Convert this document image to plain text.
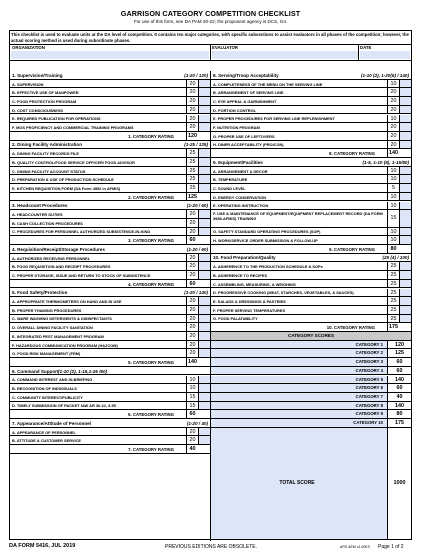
GARRISON CATEGORY COMPETITION CHECKLIST
For use of this form, see DA PAM 30-22; the proponent agency is DCS, G4.
This checklist is used to evaluate units at the DA level of competition. It contains ten major categories, with specific subsections to assist evaluators in all phases of the competition; however, the actual scoring method is used during subordinate phases.
ORGANIZATION	EVALUATOR	DATE
1. Supervision/Training	(1-20 / 120)
A. SUPERVISION	20
B. EFFECTIVE USE OF MANPOWER	20
C. FOOD PROTECTION PROGRAM	20
D. COST CONSCIOUSNESS	20
E. REQUIRED PUBLICATION FOR OPERATIONS	20
F. MOS PROFICIENCY AND COMMERCIAL TRAINING PROGRAMS	20
1. CATEGORY RATING	120
2. Dining Facility Administration	(1-25 / 125)
A. DINING FACILITY RECORDS FILE	25
B. QUALITY CONTROL/FOOD SERVICE OFFICER/ FOOD ADVISOR	25
C. DINING FACILITY ACCOUNT STATUS	25
D. PREPARATION & USE OF PRODUCTION SCHEDULE	25
E. KITCHEN REQUISITION FORM (DA Form 4552 in AFMIS)	25
2. CATEGORY RATING	125
3. Headcount Procedures	(1-20 / 60)
A. HEADCOUNTER DUTIES	20
B. CASH COLLECTION PROCEDURES	20
C. PROCEDURES FOR PERSONNEL AUTHORIZED SUBSISTENCE-IN-KIND	20
3. CATEGORY RATING	60
4. Requisition/Receipt/Storage Procedures	(1-20 / 60)
A. AUTHORIZED RECEIVING PERSONNEL	20
B. FOOD REQUISITION AND RECEIPT PROCEDURES	20
C. PROPER STORAGE, ISSUE AND RETURN TO STOCK OF SUBSISTENCE	20
4. CATEGORY RATING	60
5. Food Safety/Protection	(1-20 / 140)
A. APPROPRIATE THERMOMETERS ON HAND AND IN USE	20
B. PROPER THAWING PROCEDURES	20
C. WARE WASHING DETERGENTS & DISINFECTANTS	20
D. OVERALL DINING FACILITY SANITATION	20
E. INTEGRATED PEST MANAGEMENT PROGRAM	20
F. HAZARDOUS COMMUNICATION PROGRAM (HAZCOM)	20
G. FOOD RISK MANAGEMENT (FRM)	20
5. CATEGORY RATING	140
6. Command Support (1-10 (2), 1-15,1-25 /60)
A. COMMAND INTEREST AND IN-BRIEFING	10
B. RECOGNITION OF INDIVIDUALS	10
C. COMMUNITY INTEREST/PUBLICITY	15
D. TIMELY SUBMISSION OF PACKET IAW AR 30-22, 3-55	15
6. CATEGORY RATING	60
7. Appearance/Attitude of Personnel	(1-20 / 40)
A. APPEARANCE OF PERSONNEL	20
B. ATTITUDE & CUSTOMER SERVICE	20
7. CATEGORY RATING	40
8. Serving/Troop Acceptability	(1-10 (2), 1-20(6) / 140)
A. COMPLETENESS OF THE MENU ON THE SERVING LINE	10
B. ARRANGEMENT OF SERVING LINE	20
C. EYE APPEAL & GARNISHMENT	20
D. PORTION CONTROL	20
E. PROPER PROCEDURES FOR SERVING LINE REPLENISHMENT	10
F. NUTRITION PROGRAM	20
G. PROPER USE OF LEFTOVERS	20
H. DINER ACCEPTABILITY (PROICON)	20
8. CATEGORY RATING	140
9. Equipment/Facilities	(1-5, 1-10 (6), 1-15/80)
A. ARRANGEMENT & DECOR	10
B. TEMPERATURE	10
C. SOUND LEVEL	5
D. ENERGY CONSERVATION	10
E. OPERATING INSTRUCTION	10
F. USE & MAINTENANCE OF EQUIPMENT/EQUIPMENT REPLACEMENT RECORD (DA FORM 3988-AFMIS) TRAINING	15
G. SAFETY STANDARD OPERATING PROCEDURES (SOP)	10
H. WORK/SERVICE ORDER SUBMISSION & FOLLOW-UP	10
9. CATEGORY RATING	80
10. Food Preparation/Quality	(25 (4) / 100)
A. ADHERENCE TO THE PRODUCTION SCHEDULE & SOPs	25
B. ADHERENCE TO RECIPES	25
C. ASSEMBLING, MEASURING, & WEIGHING	25
D. PROGRESSIVE COOKING (MEAT, STARCHES, VEGETABLES, & SAUCES)	25
E. SALADS & DRESSINGS & PASTRIES	25
F. PROPER SERVING TEMPERATURES	25
G. FOOD PALATABILITY	25
10. CATEGORY RATING	175
CATEGORY SCORES
CATEGORY 1	120
CATEGORY 2	125
CATEGORY 3	60
CATEGORY 4	60
CATEGORY 5	140
CATEGORY 6	60
CATEGORY 7	40
CATEGORY 8	140
CATEGORY 9	80
CATEGORY 10	175
TOTAL SCORE	1000
DA FORM 5416, JUL 2019	PREVIOUS EDITIONS ARE OBSOLETE.	APD AEM v1.00ES Page 1 of 2
